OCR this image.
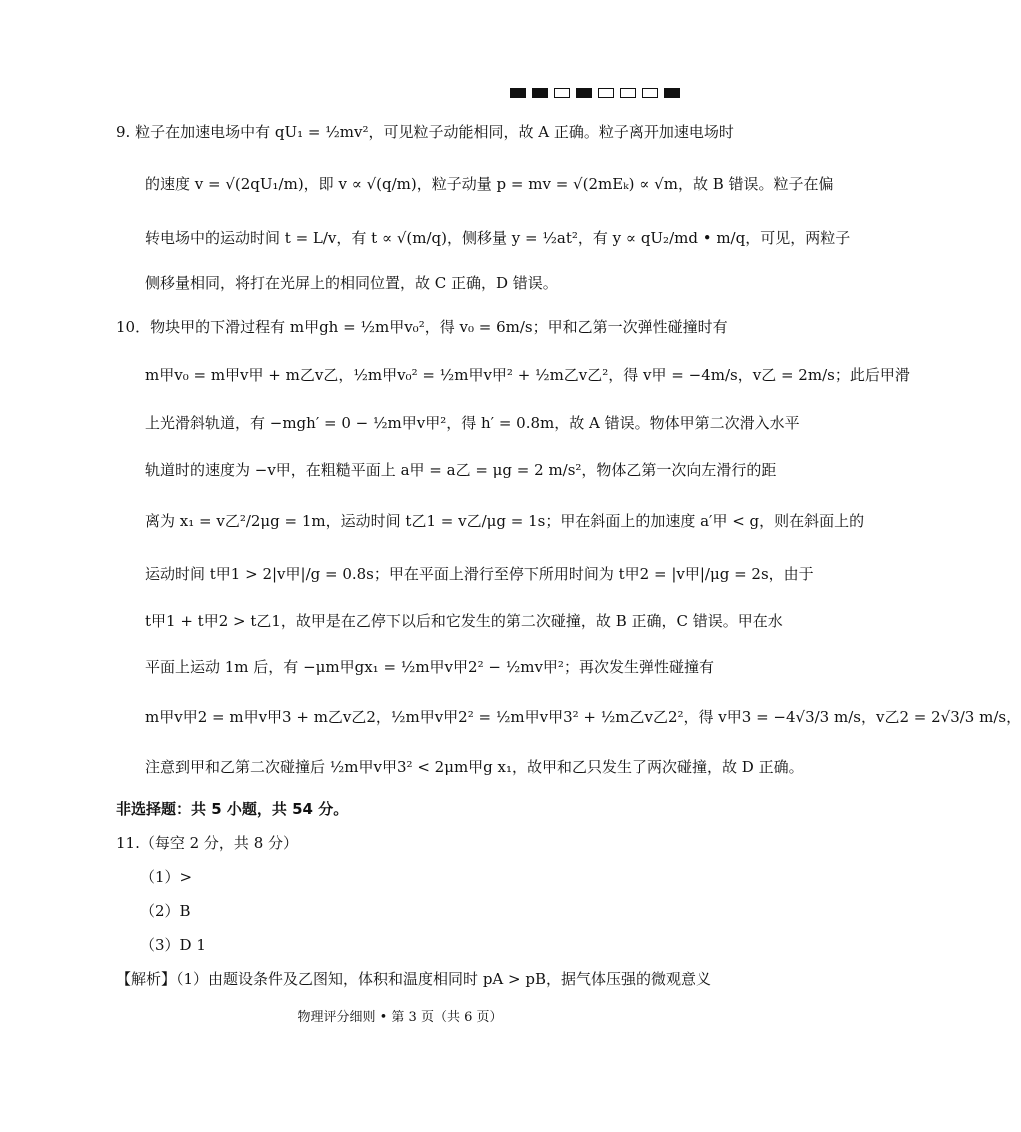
9. 粒子在加速电场中有 qU₁ = ½mv²，可见粒子动能相同，故 A 正确。粒子离开加速电场时
的速度 v = √(2qU₁/m)，即 v ∝ √(q/m)，粒子动量 p = mv = √(2mEₖ) ∝ √m，故 B 错误。粒子在偏
转电场中的运动时间 t = L/v，有 t ∝ √(m/q)，侧移量 y = ½at²，有 y ∝ qU₂/md • m/q，可见，两粒子
侧移量相同，将打在光屏上的相同位置，故 C 正确，D 错误。
10．物块甲的下滑过程有 m甲gh = ½m甲v₀²，得 v₀ = 6m/s；甲和乙第一次弹性碰撞时有
m甲v₀ = m甲v甲 + m乙v乙，½m甲v₀² = ½m甲v甲² + ½m乙v乙²，得 v甲 = −4m/s，v乙 = 2m/s；此后甲滑
上光滑斜轨道，有 −mgh′ = 0 − ½m甲v甲²，得 h′ = 0.8m，故 A 错误。物体甲第二次滑入水平
轨道时的速度为 −v甲，在粗糙平面上 a甲 = a乙 = μg = 2 m/s²，物体乙第一次向左滑行的距
离为 x₁ = v乙²/2μg = 1m，运动时间 t乙1 = v乙/μg = 1s；甲在斜面上的加速度 a′甲 < g，则在斜面上的
运动时间 t甲1 > 2|v甲|/g = 0.8s；甲在平面上滑行至停下所用时间为 t甲2 = |v甲|/μg = 2s，由于
t甲1 + t甲2 > t乙1，故甲是在乙停下以后和它发生的第二次碰撞，故 B 正确，C 错误。甲在水
平面上运动 1m 后，有 −μm甲gx₁ = ½m甲v甲2² − ½mv甲²；再次发生弹性碰撞有
m甲v甲2 = m甲v甲3 + m乙v乙2，½m甲v甲2² = ½m甲v甲3² + ½m乙v乙2²，得 v甲3 = −4√3/3 m/s，v乙2 = 2√3/3 m/s，
注意到甲和乙第二次碰撞后 ½m甲v甲3² < 2μm甲g x₁，故甲和乙只发生了两次碰撞，故 D 正确。
非选择题：共 5 小题，共 54 分。
11.（每空 2 分，共 8 分）
（1）>
（2）B
（3）D 1
【解析】（1）由题设条件及乙图知，体积和温度相同时 pA > pB，据气体压强的微观意义
物理评分细则 • 第 3 页（共 6 页）
